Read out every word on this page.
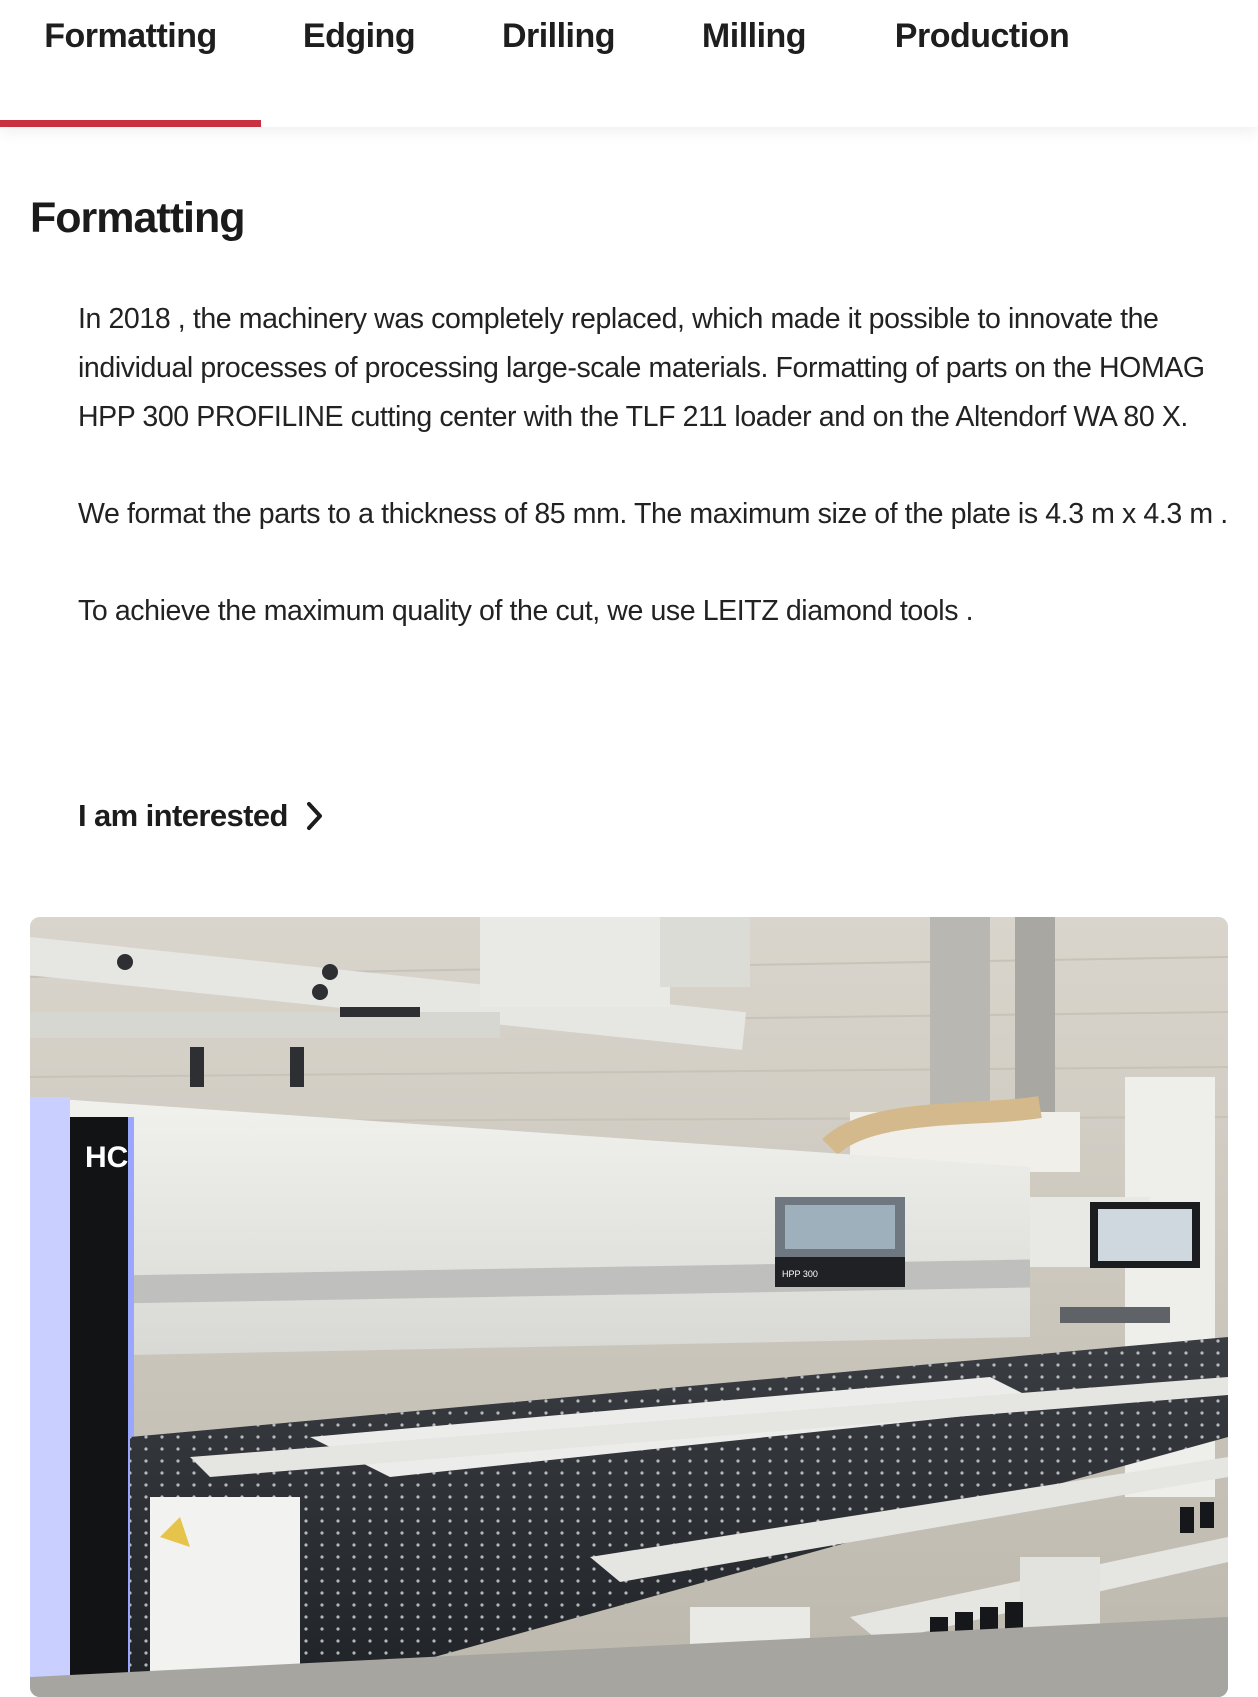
Formatting	Edging	Drilling	Milling	Production
Formatting

In 2018 , the machinery was completely replaced, which made it possible to innovate the individual processes of processing large-scale materials. Formatting of parts on the HOMAG HPP 300 PROFILINE cutting center with the TLF 211 loader and on the Altendorf WA 80 X.

We format the parts to a thickness of 85 mm. The maximum size of the plate is 4.3 m x 4.3 m .

To achieve the maximum quality of the cut, we use LEITZ diamond tools .

I am interested
HPP 300
HC
